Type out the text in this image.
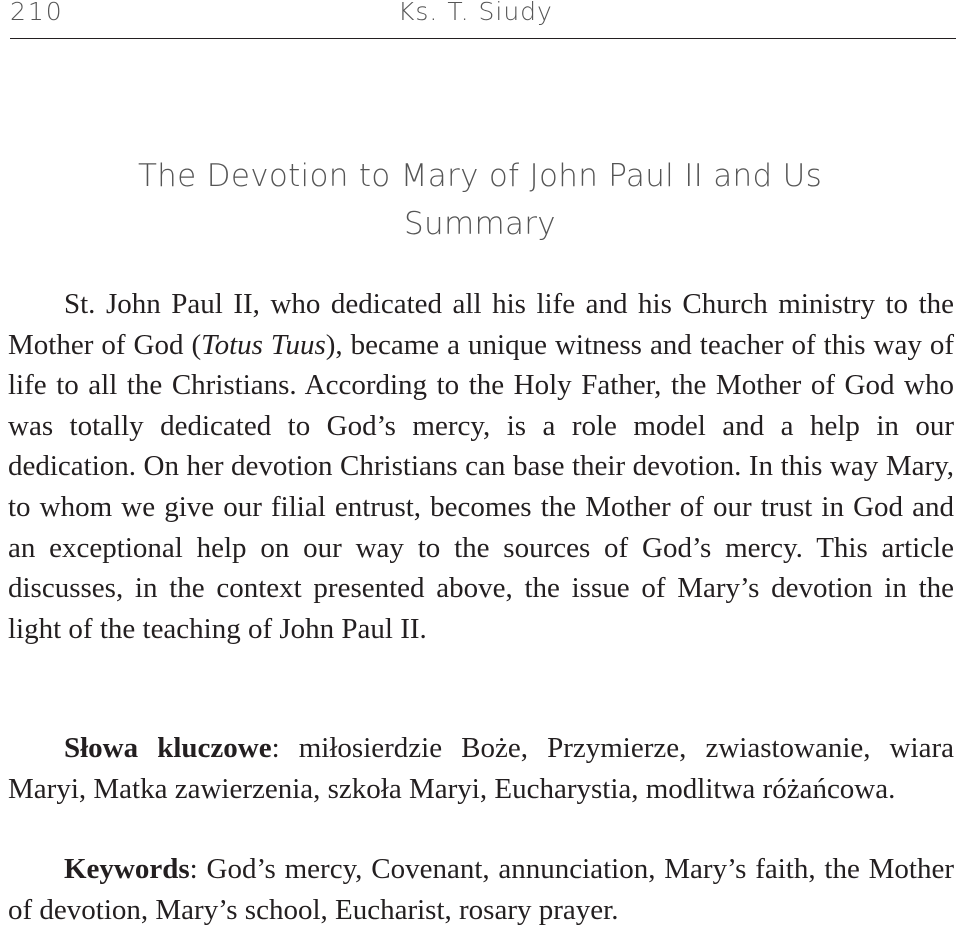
210	Ks. T. Siudy
The Devotion to Mary of John Paul II and Us
Summary

St. John Paul II, who dedicated all his life and his Church ministry to the Mother of God (Totus Tuus), became a unique witness and teacher of this way of life to all the Christians. According to the Holy Father, the Mother of God who was totally dedicated to God’s mercy, is a role model and a help in our dedication. On her devotion Christians can base their devotion. In this way Mary, to whom we give our filial entrust, becomes the Mother of our trust in God and an exceptional help on our way to the sources of God’s mercy. This article discusses, in the context presented above, the issue of Mary’s devotion in the light of the teaching of John Paul II.

Słowa kluczowe: miłosierdzie Boże, Przymierze, zwiastowanie, wiara Maryi, Matka zawierzenia, szkoła Maryi, Eucharystia, modlitwa różańcowa.

Keywords: God’s mercy, Covenant, annunciation, Mary’s faith, the Mother of devotion, Mary’s school, Eucharist, rosary prayer.
